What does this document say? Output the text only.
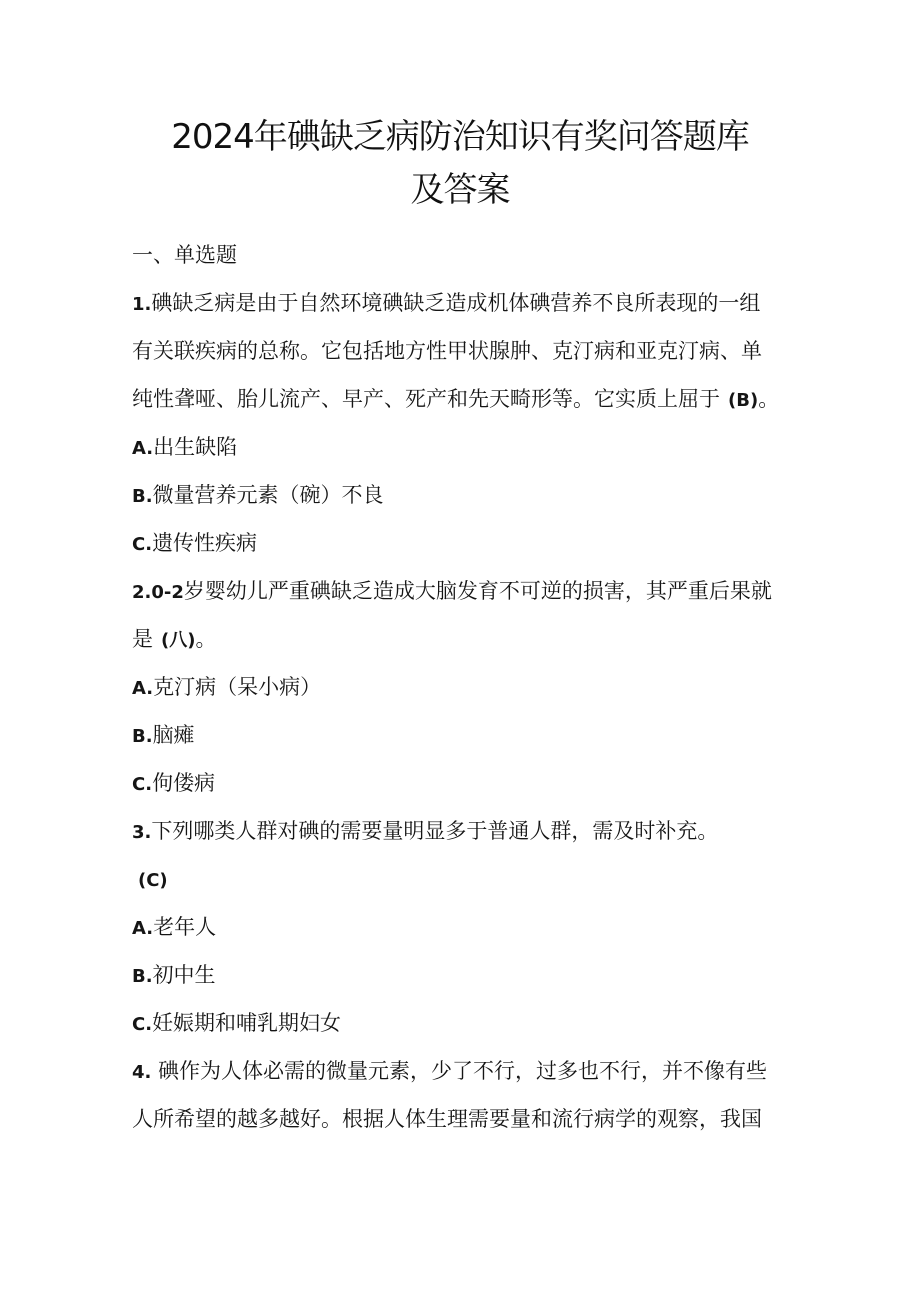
2024年碘缺乏病防治知识有奖问答题库
及答案
一、单选题
1.碘缺乏病是由于自然环境碘缺乏造成机体碘营养不良所表现的一组
有关联疾病的总称。它包括地方性甲状腺肿、克汀病和亚克汀病、单
纯性聋哑、胎儿流产、早产、死产和先天畸形等。它实质上屈于 (B)。
A.出生缺陷
B.微量营养元素（碗）不良
C.遗传性疾病
2.0-2岁婴幼儿严重碘缺乏造成大脑发育不可逆的损害，其严重后果就
是 (八)。
A.克汀病（呆小病）
B.脑瘫
C.佝偻病
3.下列哪类人群对碘的需要量明显多于普通人群，需及时补充。
(C)
A.老年人
B.初中生
C.妊娠期和哺乳期妇女
4. 碘作为人体必需的微量元素，少了不行，过多也不行，并不像有些
人所希望的越多越好。根据人体生理需要量和流行病学的观察，我国
